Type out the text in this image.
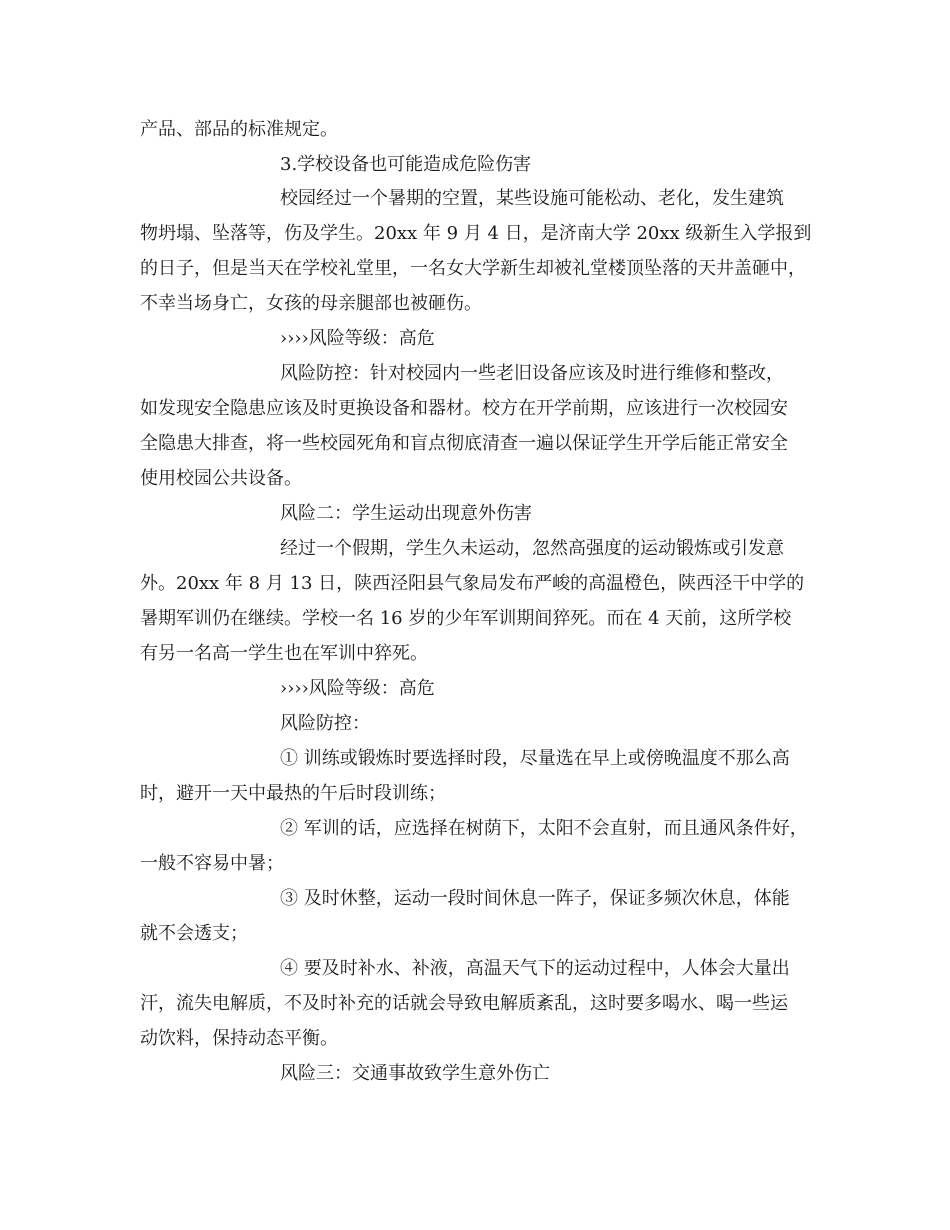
产品、部品的标准规定。
3.学校设备也可能造成危险伤害
校园经过一个暑期的空置，某些设施可能松动、老化，发生建筑
物坍塌、坠落等，伤及学生。20xx 年 9 月 4 日，是济南大学 20xx 级新生入学报到
的日子，但是当天在学校礼堂里，一名女大学新生却被礼堂楼顶坠落的天井盖砸中，
不幸当场身亡，女孩的母亲腿部也被砸伤。
››››风险等级：高危
风险防控：针对校园内一些老旧设备应该及时进行维修和整改，
如发现安全隐患应该及时更换设备和器材。校方在开学前期，应该进行一次校园安
全隐患大排查，将一些校园死角和盲点彻底清查一遍以保证学生开学后能正常安全
使用校园公共设备。
风险二：学生运动出现意外伤害
经过一个假期，学生久未运动，忽然高强度的运动锻炼或引发意
外。20xx 年 8 月 13 日，陕西泾阳县气象局发布严峻的高温橙色，陕西泾干中学的
暑期军训仍在继续。学校一名 16 岁的少年军训期间猝死。而在 4 天前，这所学校
有另一名高一学生也在军训中猝死。
››››风险等级：高危
风险防控：
① 训练或锻炼时要选择时段，尽量选在早上或傍晚温度不那么高
时，避开一天中最热的午后时段训练；
② 军训的话，应选择在树荫下，太阳不会直射，而且通风条件好，
一般不容易中暑；
③ 及时休整，运动一段时间休息一阵子，保证多频次休息，体能
就不会透支；
④ 要及时补水、补液，高温天气下的运动过程中，人体会大量出
汗，流失电解质，不及时补充的话就会导致电解质紊乱，这时要多喝水、喝一些运
动饮料，保持动态平衡。
风险三：交通事故致学生意外伤亡
